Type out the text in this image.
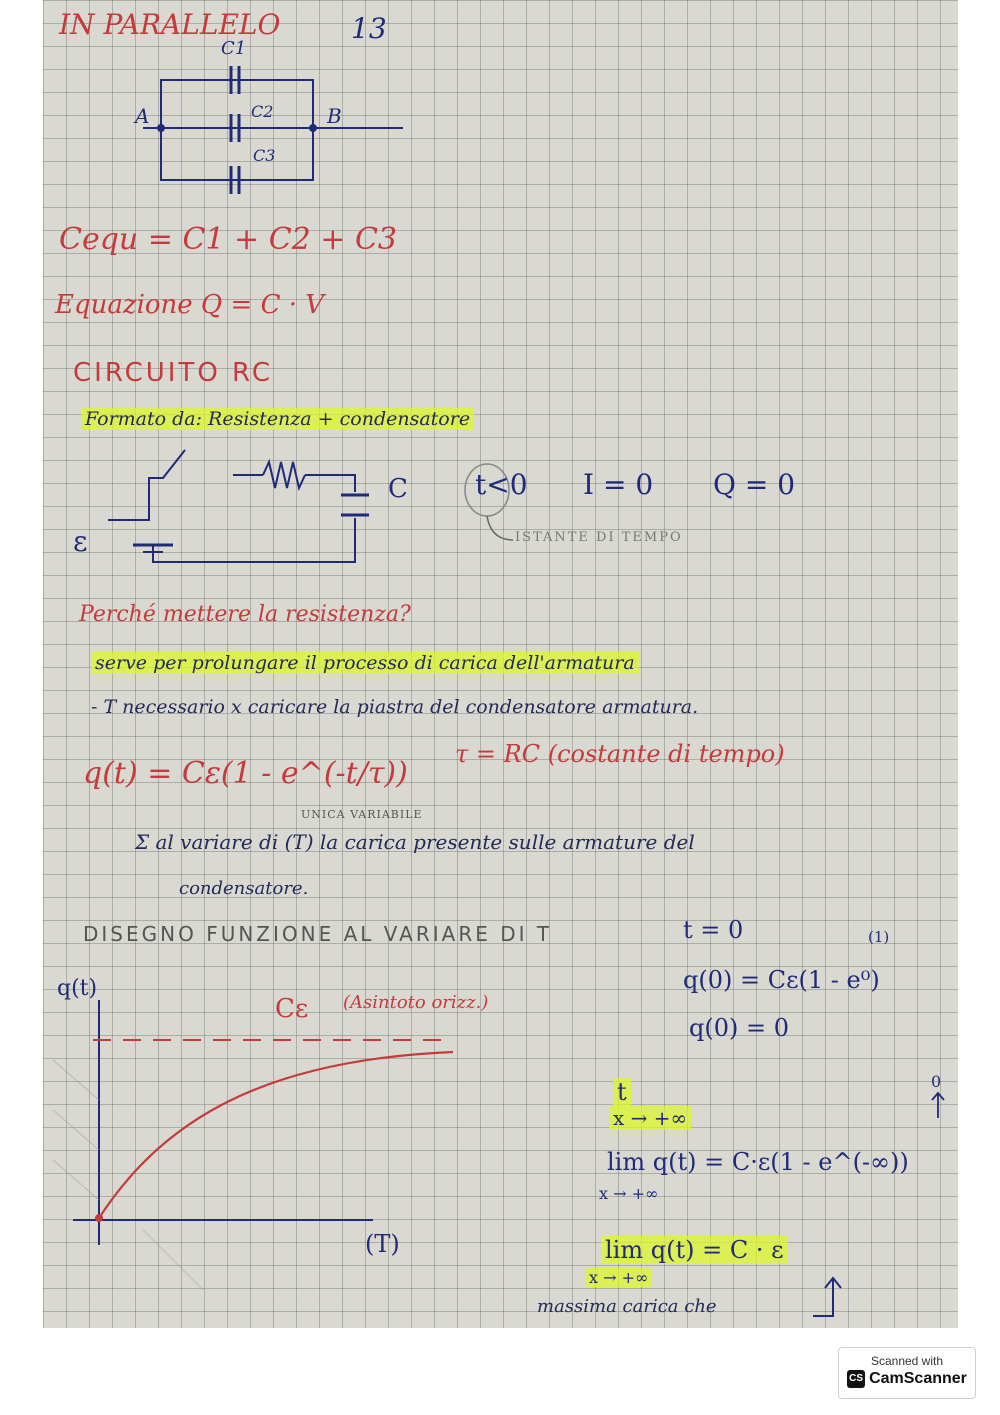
IN PARALLELO	13
C1
C2
C3
A	B
Cequ = C1 + C2 + C3
Equazione Q = C · V
CIRCUITO RC
Formato da: Resistenza + condensatore
ε
C t<0 I = 0 Q = 0
ISTANTE DI TEMPO
Perché mettere la resistenza?
serve per prolungare il processo di carica dell'armatura
- T necessario x caricare la piastra del condensatore armatura.
q(t) = Cε(1 - e^(-t/τ))
τ = RC (costante di tempo)
UNICA VARIABILE
Σ al variare di (T) la carica presente sulle armature del
condensatore.
DISEGNO FUNZIONE AL VARIARE DI T
q(t)
(T)
Cε (Asintoto orizz.)
t = 0	(1)
q(0) = Cε(1 - e⁰)
q(0) = 0
t
x → +∞
0
lim q(t) = C·ε(1 - e^(-∞))
x → +∞
lim q(t) = C · ε
x → +∞
massima carica che
Scanned with
CS CamScanner
